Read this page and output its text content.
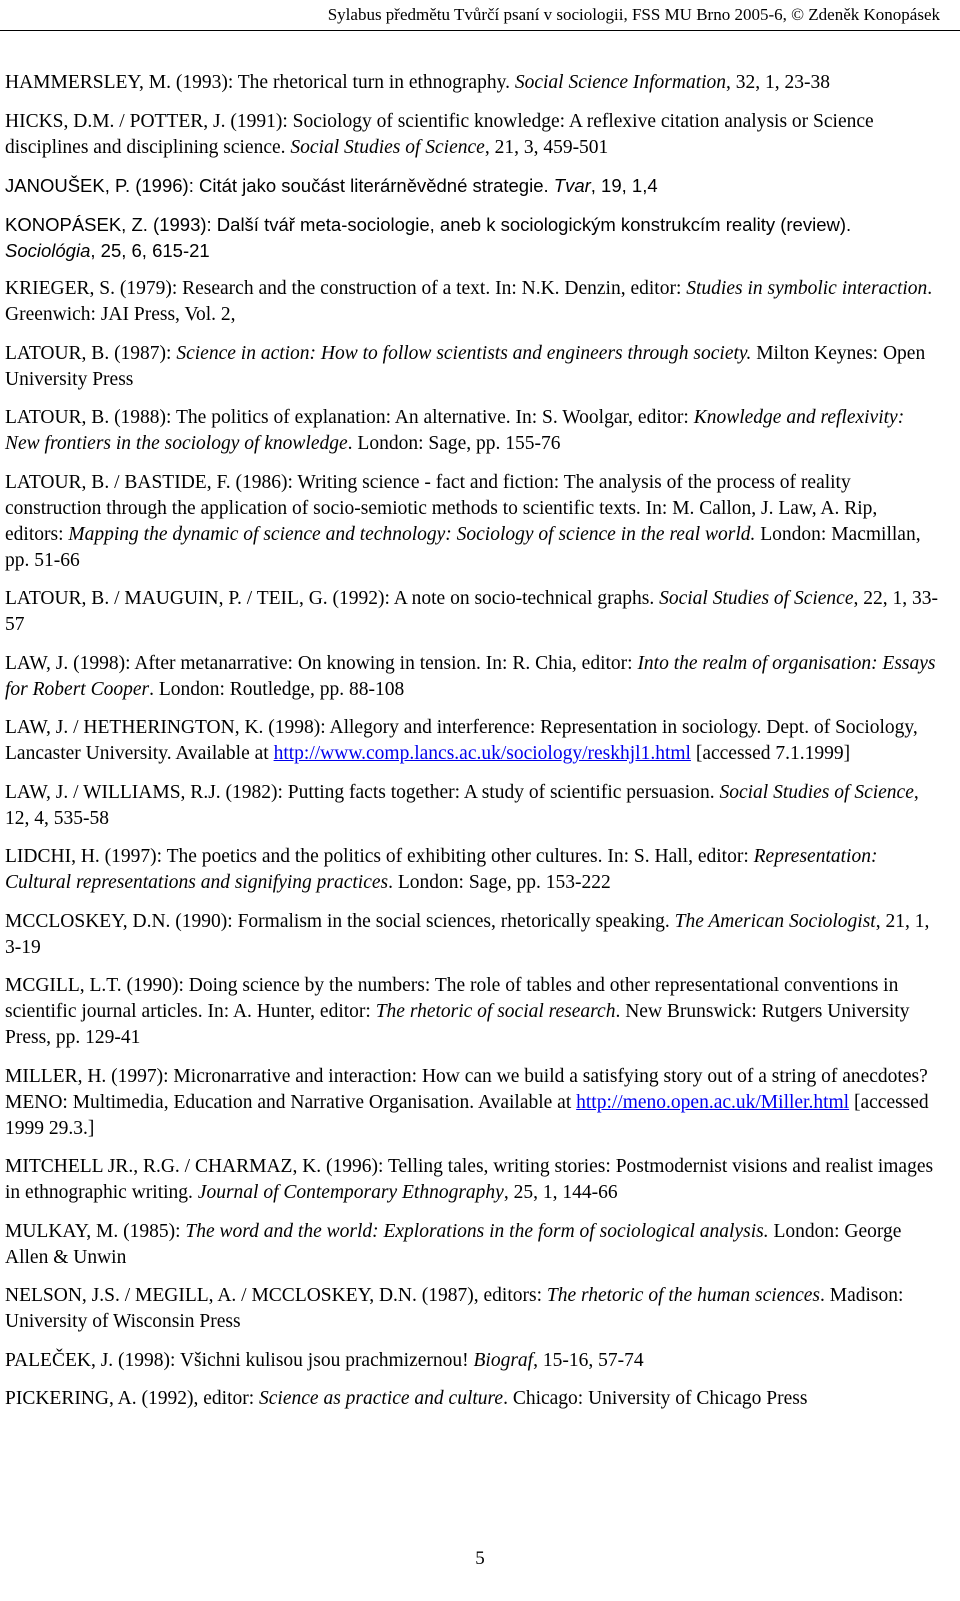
Sylabus předmětu Tvůrčí psaní v sociologii, FSS MU Brno 2005-6, © Zdeněk Konopásek

HAMMERSLEY, M. (1993): The rhetorical turn in ethnography. Social Science Information, 32, 1, 23-38

HICKS, D.M. / POTTER, J. (1991): Sociology of scientific knowledge: A reflexive citation analysis or Science disciplines and disciplining science. Social Studies of Science, 21, 3, 459-501

JANOUŠEK, P. (1996): Citát jako součást literárněvědné strategie. Tvar, 19, 1,4

KONOPÁSEK, Z. (1993): Další tvář meta-sociologie, aneb k sociologickým konstrukcím reality (review). Sociológia, 25, 6, 615-21

KRIEGER, S. (1979): Research and the construction of a text. In: N.K. Denzin, editor: Studies in symbolic interaction. Greenwich: JAI Press, Vol. 2,

LATOUR, B. (1987): Science in action: How to follow scientists and engineers through society. Milton Keynes: Open University Press

LATOUR, B. (1988): The politics of explanation: An alternative. In: S. Woolgar, editor: Knowledge and reflexivity: New frontiers in the sociology of knowledge. London: Sage, pp. 155-76

LATOUR, B. / BASTIDE, F. (1986): Writing science - fact and fiction: The analysis of the process of reality construction through the application of socio-semiotic methods to scientific texts. In: M. Callon, J. Law, A. Rip, editors: Mapping the dynamic of science and technology: Sociology of science in the real world. London: Macmillan, pp. 51-66

LATOUR, B. / MAUGUIN, P. / TEIL, G. (1992): A note on socio-technical graphs. Social Studies of Science, 22, 1, 33-57

LAW, J. (1998): After metanarrative: On knowing in tension. In: R. Chia, editor: Into the realm of organisation: Essays for Robert Cooper. London: Routledge, pp. 88-108

LAW, J. / HETHERINGTON, K. (1998): Allegory and interference: Representation in sociology. Dept. of Sociology, Lancaster University. Available at http://www.comp.lancs.ac.uk/sociology/reskhjl1.html [accessed 7.1.1999]

LAW, J. / WILLIAMS, R.J. (1982): Putting facts together: A study of scientific persuasion. Social Studies of Science, 12, 4, 535-58

LIDCHI, H. (1997): The poetics and the politics of exhibiting other cultures. In: S. Hall, editor: Representation: Cultural representations and signifying practices. London: Sage, pp. 153-222

MCCLOSKEY, D.N. (1990): Formalism in the social sciences, rhetorically speaking. The American Sociologist, 21, 1, 3-19

MCGILL, L.T. (1990): Doing science by the numbers: The role of tables and other representational conventions in scientific journal articles. In: A. Hunter, editor: The rhetoric of social research. New Brunswick: Rutgers University Press, pp. 129-41

MILLER, H. (1997): Micronarrative and interaction: How can we build a satisfying story out of a string of anecdotes? MENO: Multimedia, Education and Narrative Organisation. Available at http://meno.open.ac.uk/Miller.html [accessed 1999 29.3.]

MITCHELL JR., R.G. / CHARMAZ, K. (1996): Telling tales, writing stories: Postmodernist visions and realist images in ethnographic writing. Journal of Contemporary Ethnography, 25, 1, 144-66

MULKAY, M. (1985): The word and the world: Explorations in the form of sociological analysis. London: George Allen & Unwin

NELSON, J.S. / MEGILL, A. / MCCLOSKEY, D.N. (1987), editors: The rhetoric of the human sciences. Madison: University of Wisconsin Press

PALEČEK, J. (1998): Všichni kulisou jsou prachmizernou! Biograf, 15-16, 57-74

PICKERING, A. (1992), editor: Science as practice and culture. Chicago: University of Chicago Press

5
